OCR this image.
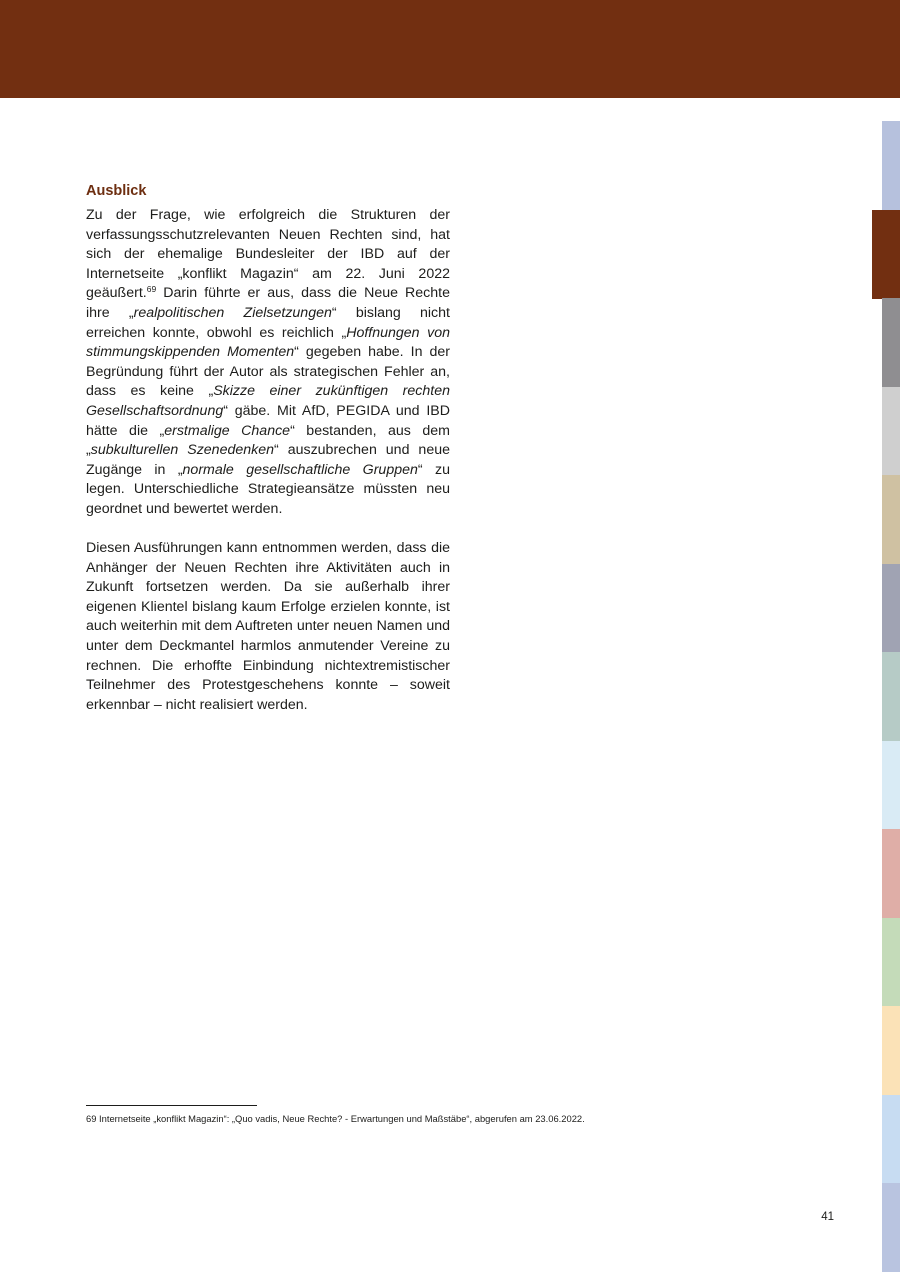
Ausblick

Zu der Frage, wie erfolgreich die Strukturen der verfassungsschutzrelevanten Neuen Rechten sind, hat sich der ehemalige Bundesleiter der IBD auf der Internetseite „konflikt Magazin“ am 22. Juni 2022 geäußert.$^{69}$ Darin führte er aus, dass die Neue Rechte ihre „realpolitischen Zielsetzungen“ bislang nicht erreichen konnte, obwohl es reichlich „Hoffnungen von stimmungskippenden Momenten“ gegeben habe. In der Begründung führt der Autor als strategischen Fehler an, dass es keine „Skizze einer zukünftigen rechten Gesellschaftsordnung“ gäbe. Mit AfD, PEGIDA und IBD hätte die „erstmalige Chance“ bestanden, aus dem „subkulturellen Szenedenken“ auszubrechen und neue Zugänge in „normale gesellschaftliche Gruppen“ zu legen. Unterschiedliche Strategieansätze müssten neu geordnet und bewertet werden.

Diesen Ausführungen kann entnommen werden, dass die Anhänger der Neuen Rechten ihre Aktivitäten auch in Zukunft fortsetzen werden. Da sie außerhalb ihrer eigenen Klientel bislang kaum Erfolge erzielen konnte, ist auch weiterhin mit dem Auftreten unter neuen Namen und unter dem Deckmantel harmlos anmutender Vereine zu rechnen. Die erhoffte Einbindung nichtextremistischer Teilnehmer des Protestgeschehens konnte – soweit erkennbar – nicht realisiert werden.

69 Internetseite „konflikt Magazin“: „Quo vadis, Neue Rechte? - Erwartungen und Maßstäbe“, abgerufen am 23.06.2022.
41
